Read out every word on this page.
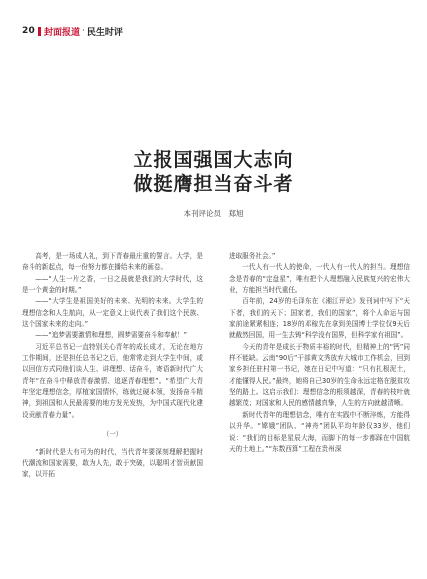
20 封面报道 · 民生时评
立报国强国大志向
做挺膺担当奋斗者
本刊评论员　郑旭

高考，是一场成人礼，到下青春最庄重的誓言。大学，是奋斗的新起点，每一份努力都在播给未来的画卷。

——“人生一片之香，一日之晨就是我们的大学时代，这是一个黄金的时期。”

——“大学生是祖国美好的未来、光明的未来。大学生的理想信念和人生航向，从一定意义上说代表了我们这个民族、这个国家未来的走向。”

——“追梦需要激情和理想，圆梦需要奋斗和奉献！”

习近平总书记一直特别关心青年的成长成才，无论在地方工作期间，还是担任总书记之后，他常常走到大学生中间，或以回信方式同他们谈人生、讲理想、话奋斗，寄语新时代广大青年“在奋斗中释放青春激情、追逐青春理想”。“希望广大青年坚定理想信念，厚植家国情怀，练就过硬本领，发扬奋斗精神，到祖国和人民最需要的地方发光发热，为中国式现代化建设贡献青春力量”。

（一）

“新时代是大有可为的时代，当代青年要深刻理解把握时代潮流和国家需要，敢为人先，敢于突破，以聪明才智贡献国家，以开拓

进取服务社会。”

一代人有一代人的使命，一代人有一代人的担当。理想信念是青春的“定盘星”，唯有把个人理想融入民族复兴的宏伟大业，方能担当时代重任。

百年前，24岁的毛泽东在《湘江评论》发刊词中写下“天下者，我们的天下；国家者，我们的国家”，将个人命运与国家前途紧紧相连；18岁的邓稼先在拿到美国博士学位仅9天后就截然回国，用一生去铸“科学没有国界，但科学家有祖国”。

今天的青年是成长于物质丰裕的时代，但精神上的“钙”同样不能缺。云南“90后”干部黄文秀放弃大城市工作机会，回到家乡担任驻村第一书记，她在日记中写道：“只有扎根泥土，才能懂得人民。”最终，她将自己30岁的生命永远定格在脱贫攻坚的路上。这启示我们：理想信念的根须越深，青春的枝叶就越繁茂；对国家和人民的感情越真挚，人生的方向就越清晰。

新时代青年的理想信念，唯有在实践中不断淬炼，方能得以升华。“嫦娥”团队、“神舟”团队平均年龄仅33岁，他们说：“我们的目标是星辰大海，而脚下的每一步都踩在中国航天的土地上。”“东数西算”工程在贵州深
